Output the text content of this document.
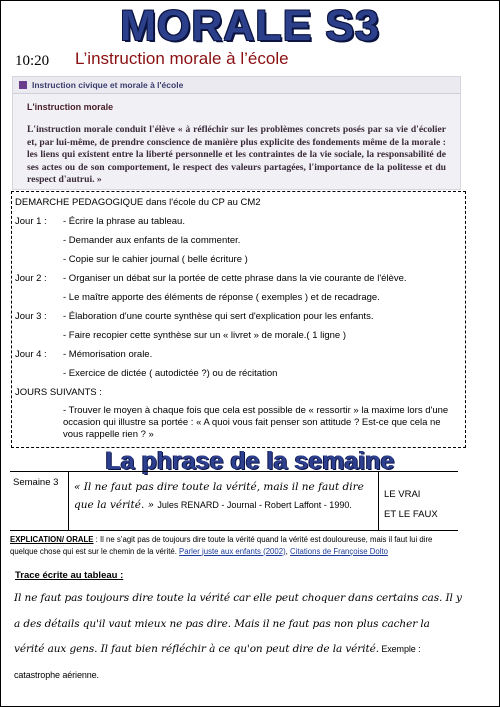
MORALE S3
10:20 L’instruction morale à l’école
Instruction civique et morale à l'école
L'instruction morale
L'instruction morale conduit l'élève « à réfléchir sur les problèmes concrets posés par sa vie d'écolier et, par lui-même, de prendre conscience de manière plus explicite des fondements même de la morale : les liens qui existent entre la liberté personnelle et les contraintes de la vie sociale, la responsabilité de ses actes ou de son comportement, le respect des valeurs partagées, l'importance de la politesse et du respect d'autrui. »
DEMARCHE PEDAGOGIQUE dans l'école du CP au CM2
Jour 1 : - Écrire la phrase au tableau.
- Demander aux enfants de la commenter.
- Copie sur le cahier journal ( belle écriture )
Jour 2 : - Organiser un débat sur la portée de cette phrase dans la vie courante de l'élève.
- Le maître apporte des éléments de réponse ( exemples ) et de recadrage.
Jour 3 : - Élaboration d'une courte synthèse qui sert d'explication pour les enfants.
- Faire recopier cette synthèse sur un « livret » de morale.( 1 ligne )
Jour 4 : - Mémorisation orale.
- Exercice de dictée ( autodictée ?) ou de récitation
JOURS SUIVANTS :
- Trouver le moyen à chaque fois que cela est possible de « ressortir » la maxime lors d'une occasion qui illustre sa portée : « A quoi vous fait penser son attitude ? Est-ce que cela ne vous rappelle rien ? »
La phrase de la semaine
Semaine 3 « Il ne faut pas dire toute la vérité, mais il ne faut dire que la vérité. » Jules RENARD - Journal - Robert Laffont - 1990.
LE VRAI
ET LE FAUX
EXPLICATION/ ORALE : Il ne s’agit pas de toujours dire toute la vérité quand la vérité est douloureuse, mais il faut lui dire quelque chose qui est sur le chemin de la vérité. Parler juste aux enfants (2002), Citations de Françoise Dolto
Trace écrite au tableau :
Il ne faut pas toujours dire toute la vérité car elle peut choquer dans certains cas. Il y a des détails qu'il vaut mieux ne pas dire. Mais il ne faut pas non plus cacher la vérité aux gens. Il faut bien réfléchir à ce qu'on peut dire de la vérité. Exemple : catastrophe aérienne.
